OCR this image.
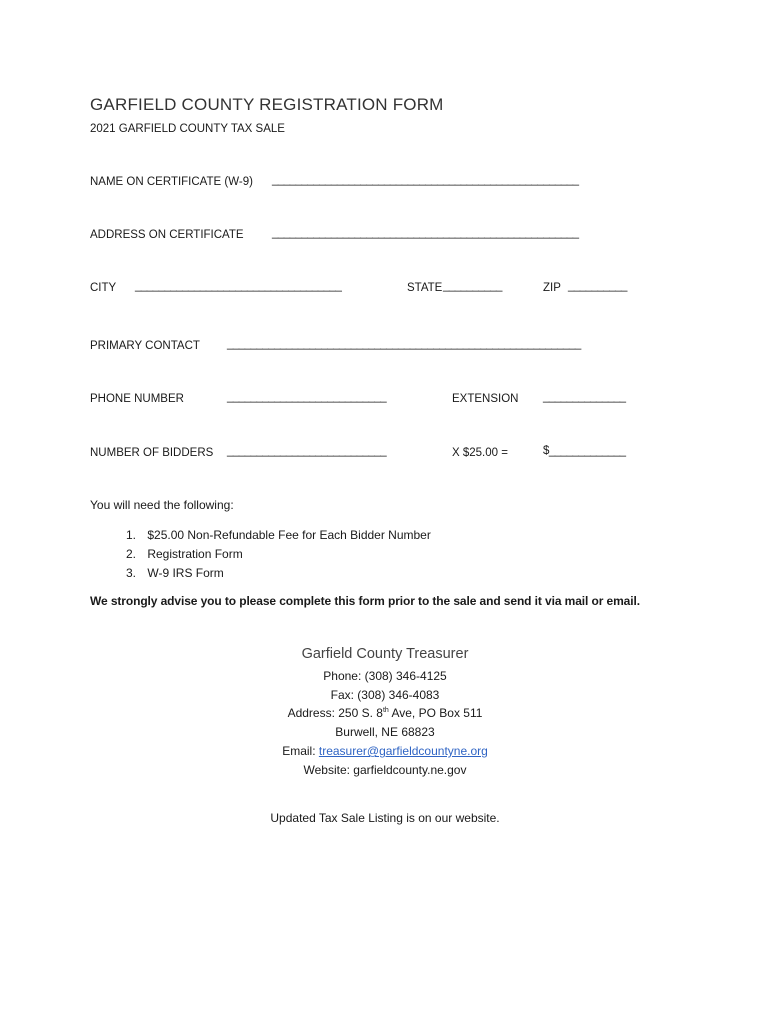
GARFIELD COUNTY REGISTRATION FORM
2021 GARFIELD COUNTY TAX SALE
NAME ON CERTIFICATE (W-9) ____________________________________________________
ADDRESS ON CERTIFICATE ____________________________________________________
CITY ___________________________________	STATE __________	ZIP __________
PRIMARY CONTACT ____________________________________________________________
PHONE NUMBER	___________________________	EXTENSION ______________
NUMBER OF BIDDERS ___________________________	X $25.00 =	$_____________
You will need the following:
1. $25.00 Non-Refundable Fee for Each Bidder Number
2. Registration Form
3. W-9 IRS Form
We strongly advise you to please complete this form prior to the sale and send it via mail or email.
Garfield County Treasurer
Phone: (308) 346-4125
Fax: (308) 346-4083
Address: 250 S. 8th Ave, PO Box 511
Burwell, NE 68823
Email: treasurer@garfieldcountyne.org
Website: garfieldcounty.ne.gov
Updated Tax Sale Listing is on our website.
